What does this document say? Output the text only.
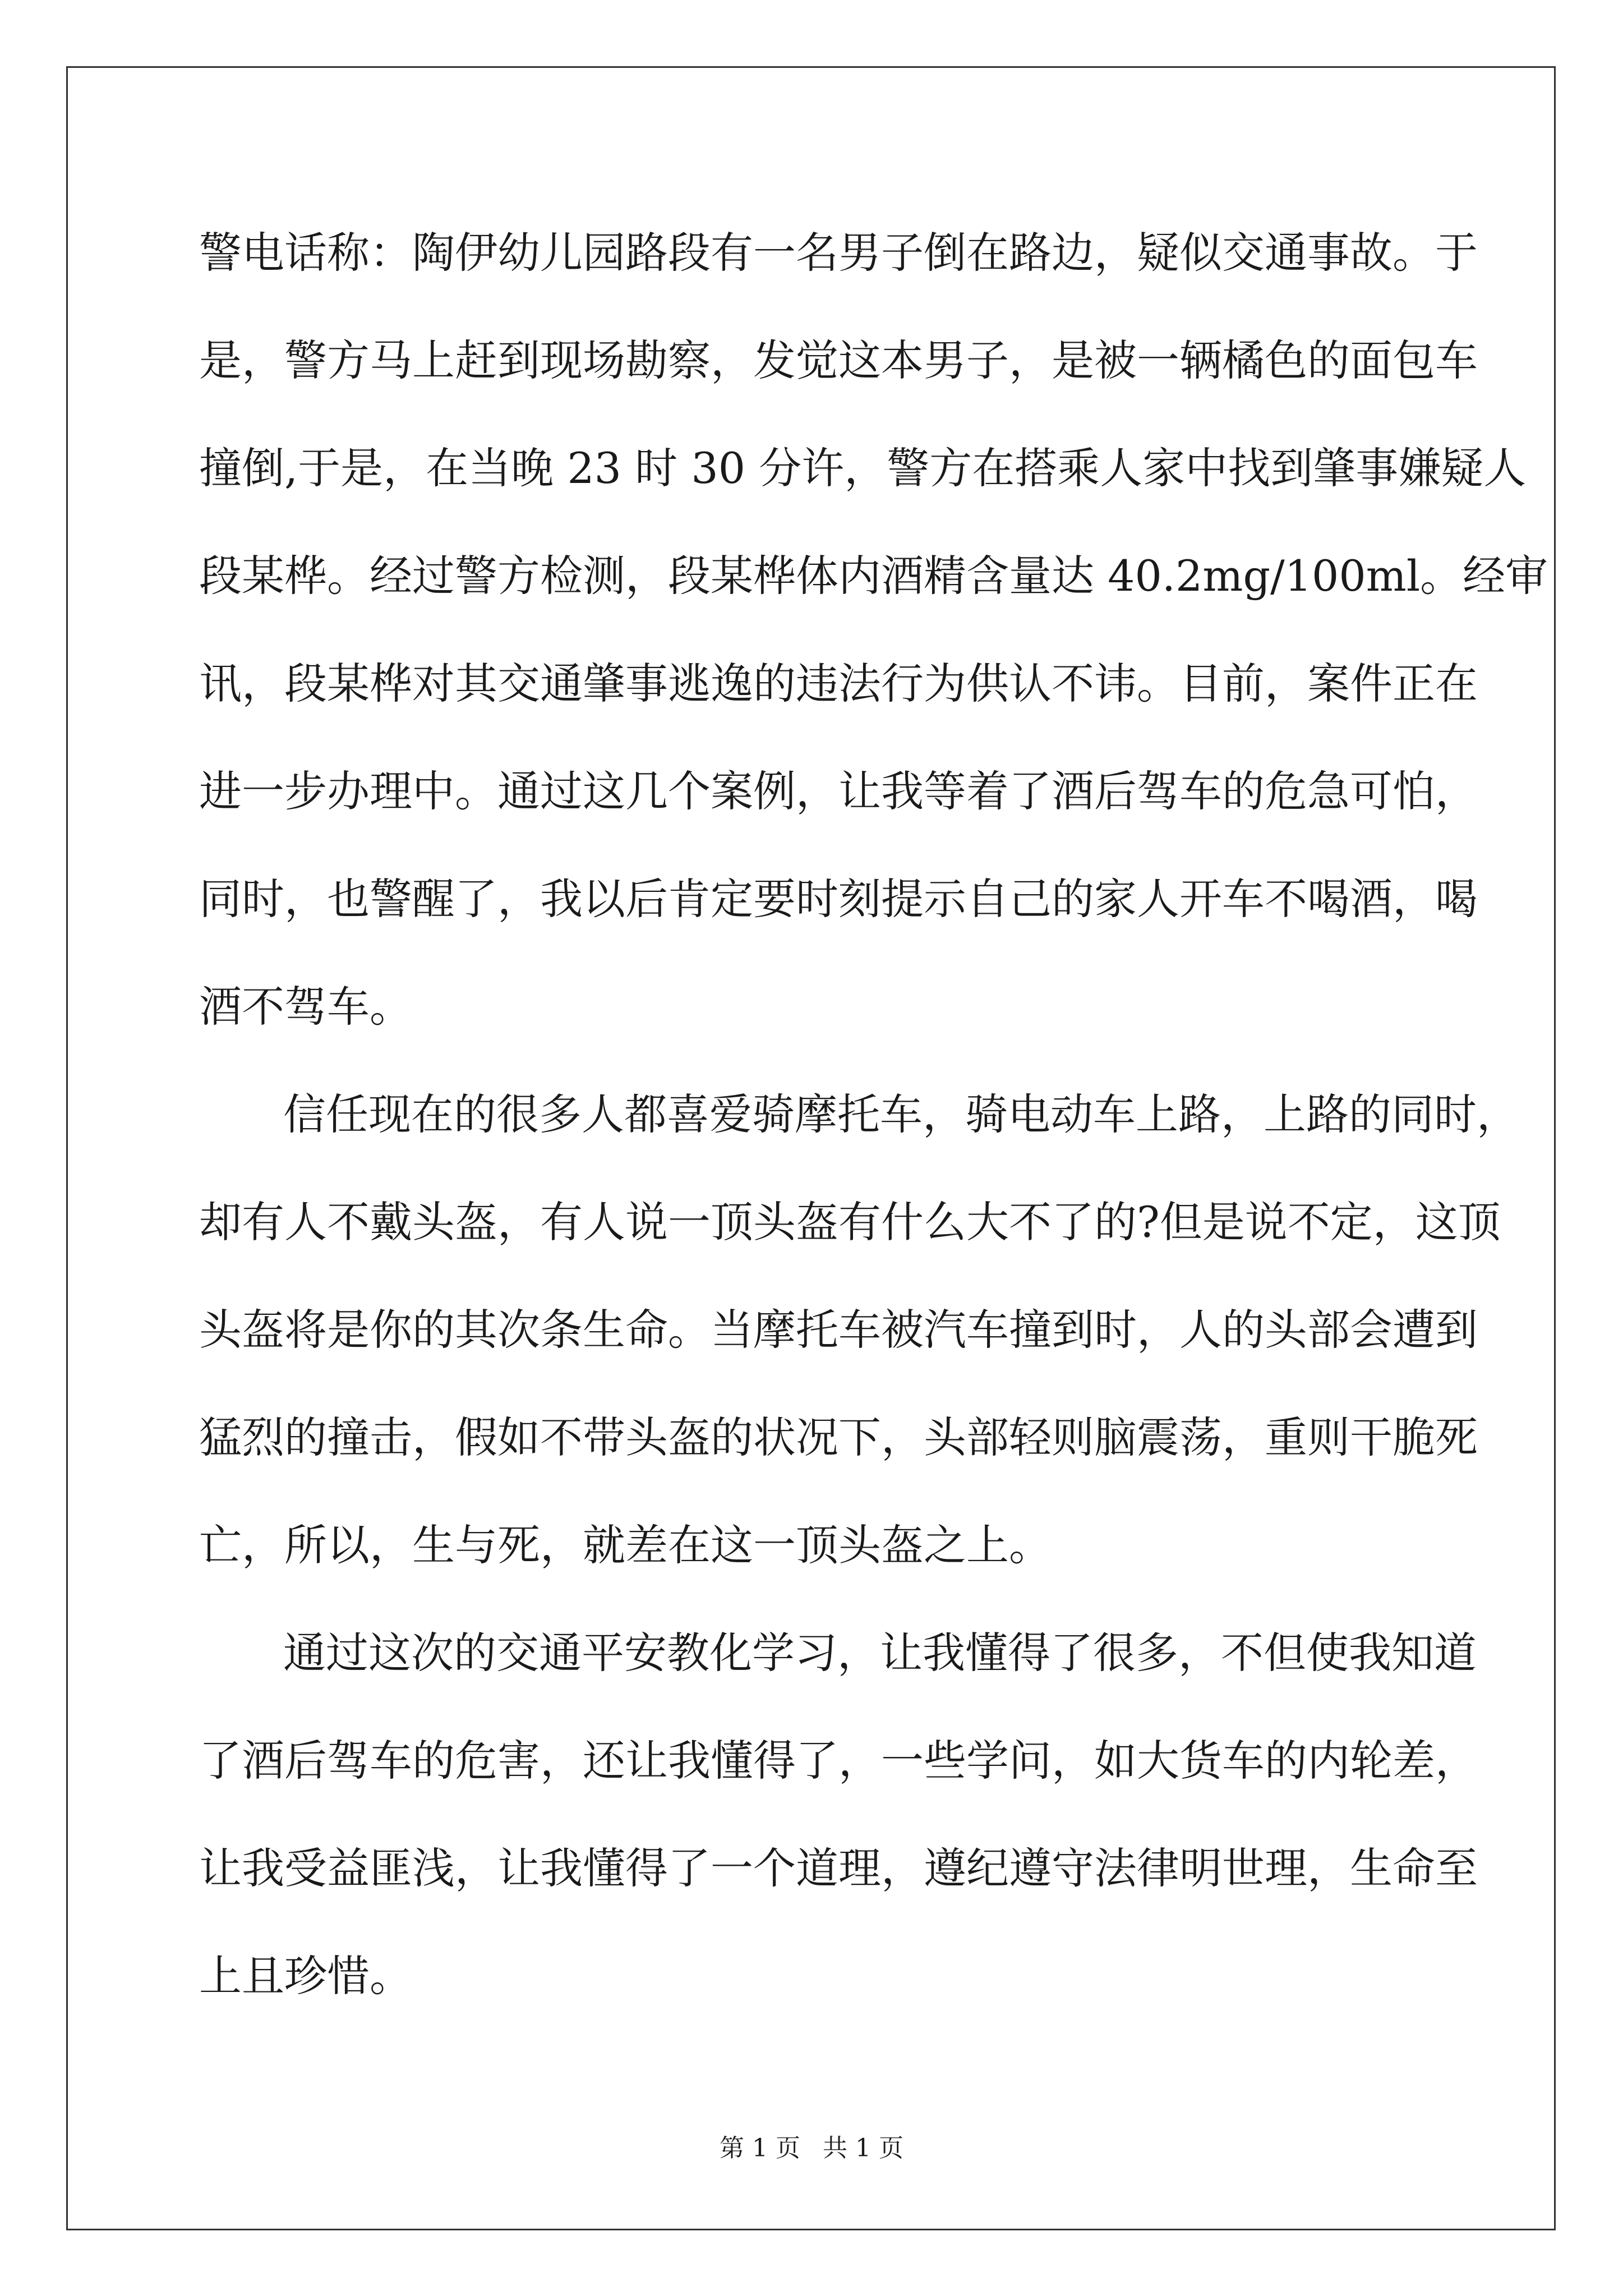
警电话称：陶伊幼儿园路段有一名男子倒在路边，疑似交通事故。于
是，警方马上赶到现场勘察，发觉这本男子，是被一辆橘色的面包车
撞倒,于是，在当晚 23 时 30 分许，警方在搭乘人家中找到肇事嫌疑人
段某桦。经过警方检测，段某桦体内酒精含量达 40.2mg/100ml。经审
讯，段某桦对其交通肇事逃逸的违法行为供认不讳。目前，案件正在
进一步办理中。通过这几个案例，让我等着了酒后驾车的危急可怕，
同时，也警醒了，我以后肯定要时刻提示自己的家人开车不喝酒，喝
酒不驾车。
信任现在的很多人都喜爱骑摩托车，骑电动车上路，上路的同时，
却有人不戴头盔，有人说一顶头盔有什么大不了的?但是说不定，这顶
头盔将是你的其次条生命。当摩托车被汽车撞到时，人的头部会遭到
猛烈的撞击，假如不带头盔的状况下，头部轻则脑震荡，重则干脆死
亡，所以，生与死，就差在这一顶头盔之上。
通过这次的交通平安教化学习，让我懂得了很多，不但使我知道
了酒后驾车的危害，还让我懂得了，一些学问，如大货车的内轮差，
让我受益匪浅，让我懂得了一个道理，遵纪遵守法律明世理，生命至
上且珍惜。
第 1 页 共 1 页
